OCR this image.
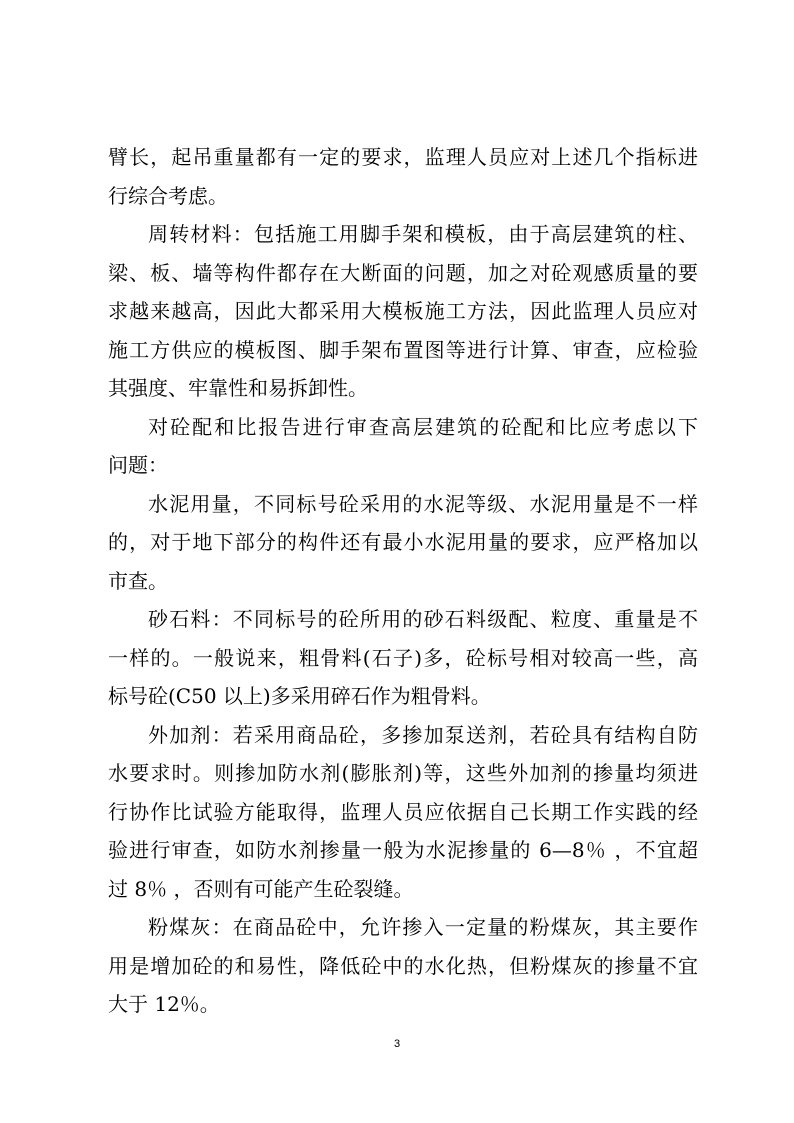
臂长，起吊重量都有一定的要求，监理人员应对上述几个指标进
行综合考虑。
周转材料：包括施工用脚手架和模板，由于高层建筑的柱、
梁、板、墙等构件都存在大断面的问题，加之对砼观感质量的要
求越来越高，因此大都采用大模板施工方法，因此监理人员应对
施工方供应的模板图、脚手架布置图等进行计算、审查，应检验
其强度、牢靠性和易拆卸性。
对砼配和比报告进行审查高层建筑的砼配和比应考虑以下
问题：
水泥用量，不同标号砼采用的水泥等级、水泥用量是不一样
的，对于地下部分的构件还有最小水泥用量的要求，应严格加以
市查。
砂石料：不同标号的砼所用的砂石料级配、粒度、重量是不
一样的。一般说来，粗骨料(石子)多，砼标号相对较高一些，高
标号砼(C50 以上)多采用碎石作为粗骨料。
外加剂：若采用商品砼，多掺加泵送剂，若砼具有结构自防
水要求时。则掺加防水剂(膨胀剂)等，这些外加剂的掺量均须进
行协作比试验方能取得，监理人员应依据自己长期工作实践的经
验进行审查，如防水剂掺量一般为水泥掺量的 6—8％ ，不宜超
过 8％ ，否则有可能产生砼裂缝。
粉煤灰：在商品砼中，允许掺入一定量的粉煤灰，其主要作
用是增加砼的和易性，降低砼中的水化热，但粉煤灰的掺量不宜
大于 12％。
3
